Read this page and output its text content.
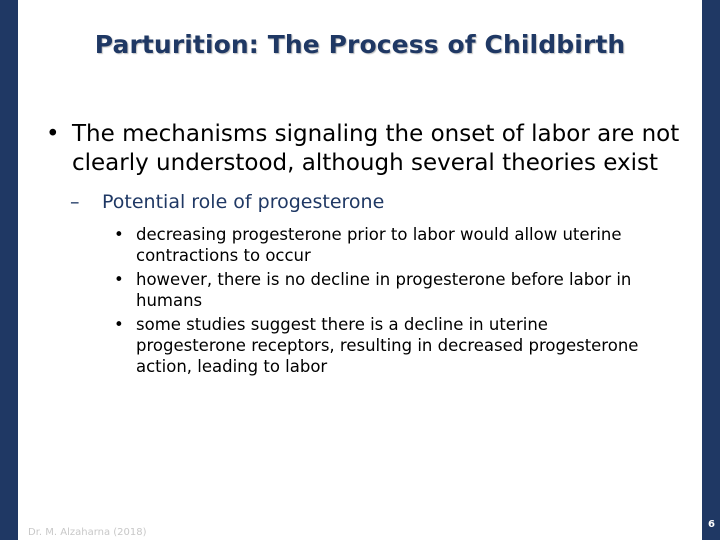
Parturition: The Process of Childbirth
• The mechanisms signaling the onset of labor are not clearly understood, although several theories exist
– Potential role of progesterone
• decreasing progesterone prior to labor would allow uterine contractions to occur
• however, there is no decline in progesterone before labor in humans
• some studies suggest there is a decline in uterine progesterone receptors, resulting in decreased progesterone action, leading to labor
Dr. M. Alzaharna (2018)
6
